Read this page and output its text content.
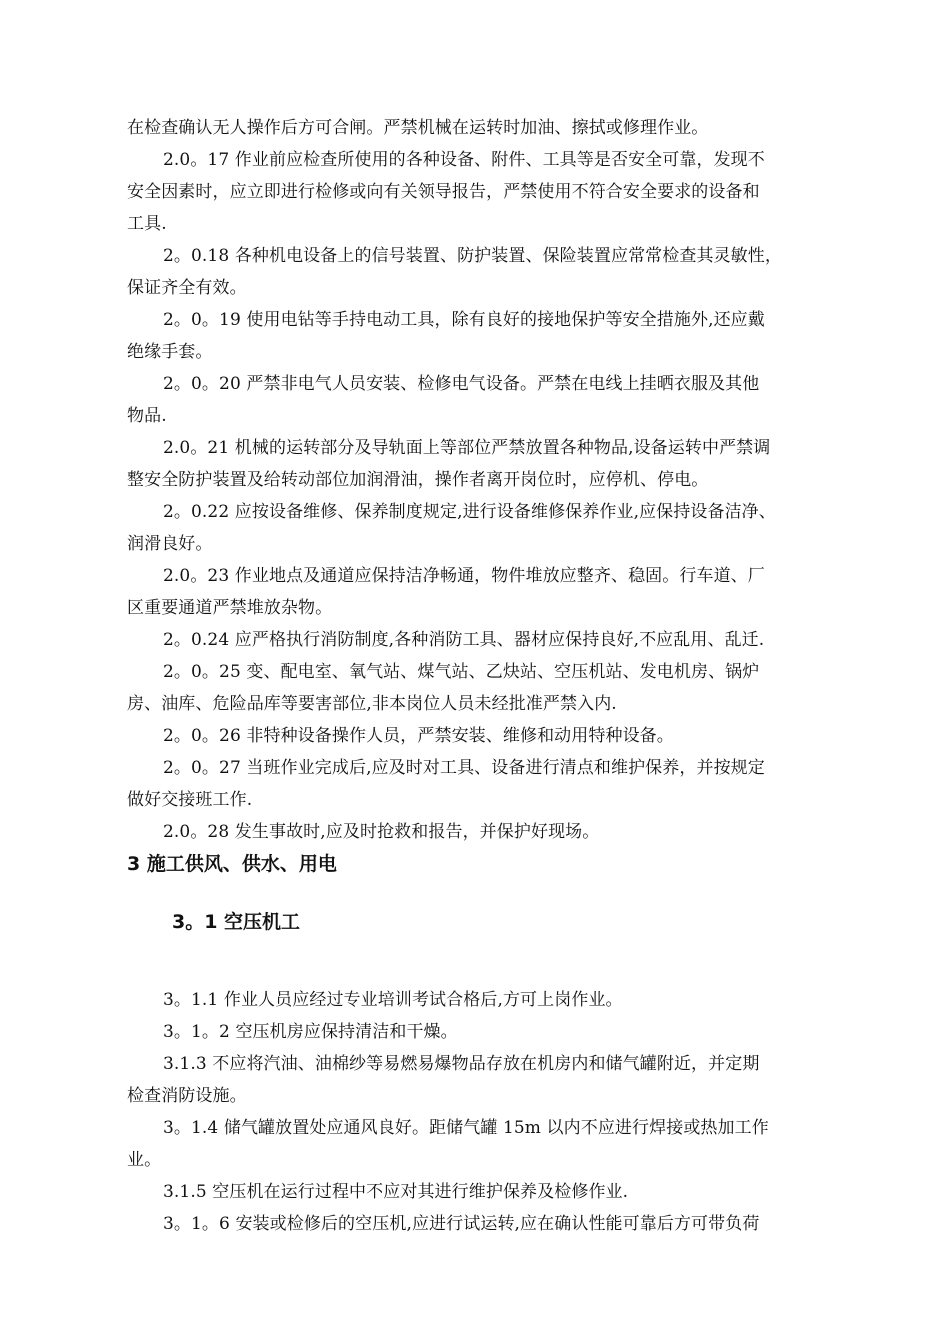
在检查确认无人操作后方可合闸。严禁机械在运转时加油、擦拭或修理作业。
2.0。17 作业前应检查所使用的各种设备、附件、工具等是否安全可靠，发现不
安全因素时，应立即进行检修或向有关领导报告，严禁使用不符合安全要求的设备和
工具.
2。0.18 各种机电设备上的信号装置、防护装置、保险装置应常常检查其灵敏性，
保证齐全有效。
2。0。19 使用电钻等手持电动工具，除有良好的接地保护等安全措施外,还应戴
绝缘手套。
2。0。20 严禁非电气人员安装、检修电气设备。严禁在电线上挂晒衣服及其他
物品.
2.0。21 机械的运转部分及导轨面上等部位严禁放置各种物品,设备运转中严禁调
整安全防护装置及给转动部位加润滑油，操作者离开岗位时，应停机、停电。
2。0.22 应按设备维修、保养制度规定,进行设备维修保养作业,应保持设备洁净、
润滑良好。
2.0。23 作业地点及通道应保持洁净畅通，物件堆放应整齐、稳固。行车道、厂
区重要通道严禁堆放杂物。
2。0.24 应严格执行消防制度,各种消防工具、器材应保持良好,不应乱用、乱迁.
2。0。25 变、配电室、氧气站、煤气站、乙炔站、空压机站、发电机房、锅炉
房、油库、危险品库等要害部位,非本岗位人员未经批准严禁入内.
2。0。26 非特种设备操作人员，严禁安装、维修和动用特种设备。
2。0。27 当班作业完成后,应及时对工具、设备进行清点和维护保养，并按规定
做好交接班工作.
2.0。28 发生事故时,应及时抢救和报告，并保护好现场。
3 施工供风、供水、用电
3。1 空压机工
3。1.1 作业人员应经过专业培训考试合格后,方可上岗作业。
3。1。2 空压机房应保持清洁和干燥。
3.1.3 不应将汽油、油棉纱等易燃易爆物品存放在机房内和储气罐附近，并定期
检查消防设施。
3。1.4 储气罐放置处应通风良好。距储气罐 15m 以内不应进行焊接或热加工作
业。
3.1.5 空压机在运行过程中不应对其进行维护保养及检修作业.
3。1。6 安装或检修后的空压机,应进行试运转,应在确认性能可靠后方可带负荷
